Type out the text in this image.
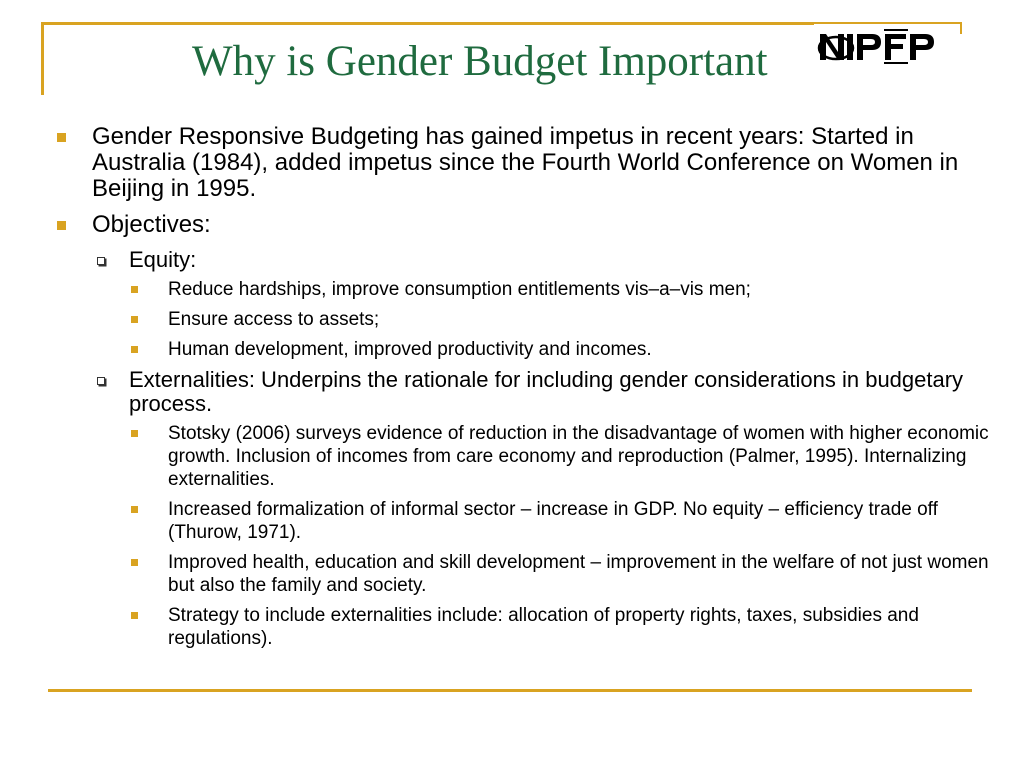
Why is Gender Budget Important
Gender Responsive Budgeting has gained impetus in recent years: Started in Australia (1984), added impetus since the Fourth World Conference on Women in Beijing in 1995.
Objectives:
Equity:
Reduce hardships, improve consumption entitlements vis–a–vis men;
Ensure access to assets;
Human development, improved productivity and incomes.
Externalities: Underpins the rationale for including gender considerations in budgetary process.
Stotsky (2006) surveys evidence of reduction in the disadvantage of women with higher economic growth. Inclusion of incomes from care economy and reproduction (Palmer, 1995). Internalizing externalities.
Increased formalization of informal sector – increase in GDP. No equity – efficiency trade off (Thurow, 1971).
Improved health, education and skill development – improvement in the welfare of not just women but also the family and society.
Strategy to include externalities include: allocation of property rights, taxes, subsidies and regulations).
